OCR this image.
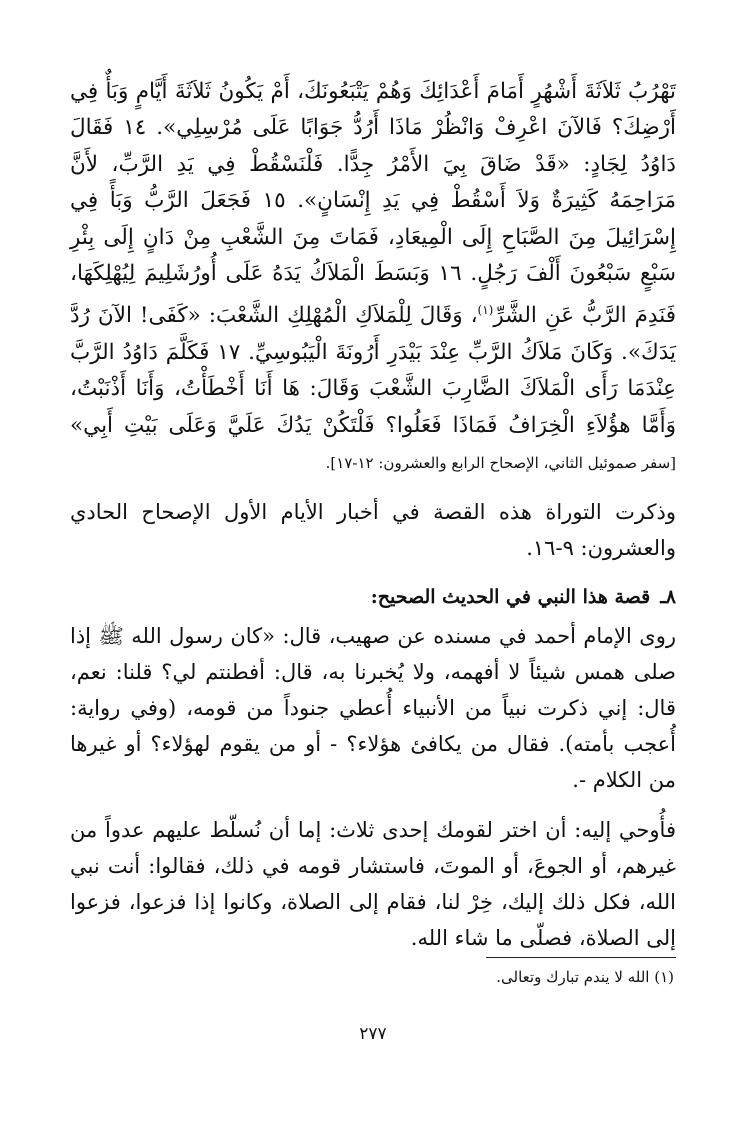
تَهْرُبُ ثَلاَثَةَ أَشْهُرٍ أَمَامَ أَعْدَائِكَ وَهُمْ يَتْبَعُونَكَ، أَمْ يَكُونُ ثَلاَثَةَ أَيَّامٍ وَبَأٌ فِي أَرْضِكَ؟ فَالآنَ اعْرِفْ وَانْظُرْ مَاذَا أَرُدُّ جَوَابًا عَلَى مُرْسِلِي». ١٤ فَقَالَ دَاوُدُ لِجَادٍ: «قَدْ ضَاقَ بِيَ الأَمْرُ جِدًّا. فَلْنَسْقُطْ فِي يَدِ الرَّبِّ، لأَنَّ مَرَاحِمَهُ كَثِيرَةٌ وَلاَ أَسْقُطْ فِي يَدِ إِنْسَانٍ». ١٥ فَجَعَلَ الرَّبُّ وَبَأً فِي إِسْرَائِيلَ مِنَ الصَّبَاحِ إِلَى الْمِيعَادِ، فَمَاتَ مِنَ الشَّعْبِ مِنْ دَانٍ إِلَى بِئْرِ سَبْعٍ سَبْعُونَ أَلْفَ رَجُلٍ. ١٦ وَبَسَطَ الْمَلاَكُ يَدَهُ عَلَى أُورُشَلِيمَ لِيُهْلِكَهَا، فَنَدِمَ الرَّبُّ عَنِ الشَّرِّ$^{(١)}$، وَقَالَ لِلْمَلاَكِ الْمُهْلِكِ الشَّعْبَ: «كَفَى! الآنَ رُدَّ يَدَكَ». وَكَانَ مَلاَكُ الرَّبِّ عِنْدَ بَيْدَرِ أَرُونَةَ الْيَبُوسِيِّ. ١٧ فَكَلَّمَ دَاوُدُ الرَّبَّ عِنْدَمَا رَأَى الْمَلاَكَ الضَّارِبَ الشَّعْبَ وَقَالَ: هَا أَنَا أَخْطَأْتُ، وَأَنَا أَذْنَبْتُ، وَأَمَّا هؤُلاَءِ الْخِرَافُ فَمَاذَا فَعَلُوا؟ فَلْتَكُنْ يَدُكَ عَلَيَّ وَعَلَى بَيْتِ أَبِي» [سفر صموئيل الثاني، الإصحاح الرابع والعشرون: ١٢-١٧].

وذكرت التوراة هذه القصة في أخبار الأيام الأول الإصحاح الحادي والعشرون: ٩-١٦.

٨ـ
قصة هذا النبي في الحديث الصحيح:

روى الإمام أحمد في مسنده عن صهيب، قال: «كان رسول الله ﷺ إذا صلى همس شيئاً لا أفهمه، ولا يُخبرنا به، قال: أفطنتم لي؟ قلنا: نعم، قال: إني ذكرت نبياً من الأنبياء أُعطي جنوداً من قومه، (وفي رواية: أُعجب بأمته). فقال من يكافئ هؤلاء؟ - أو من يقوم لهؤلاء؟ أو غيرها من الكلام -.

فأُوحي إليه: أن اختر لقومك إحدى ثلاث: إما أن نُسلّط عليهم عدواً من غيرهم، أو الجوعَ، أو الموتَ، فاستشار قومه في ذلك، فقالوا: أنت نبي الله، فكل ذلك إليك، خِرْ لنا، فقام إلى الصلاة، وكانوا إذا فزعوا، فزعوا إلى الصلاة، فصلّى ما شاء الله.

(١) الله لا يندم تبارك وتعالى.

٢٧٧
